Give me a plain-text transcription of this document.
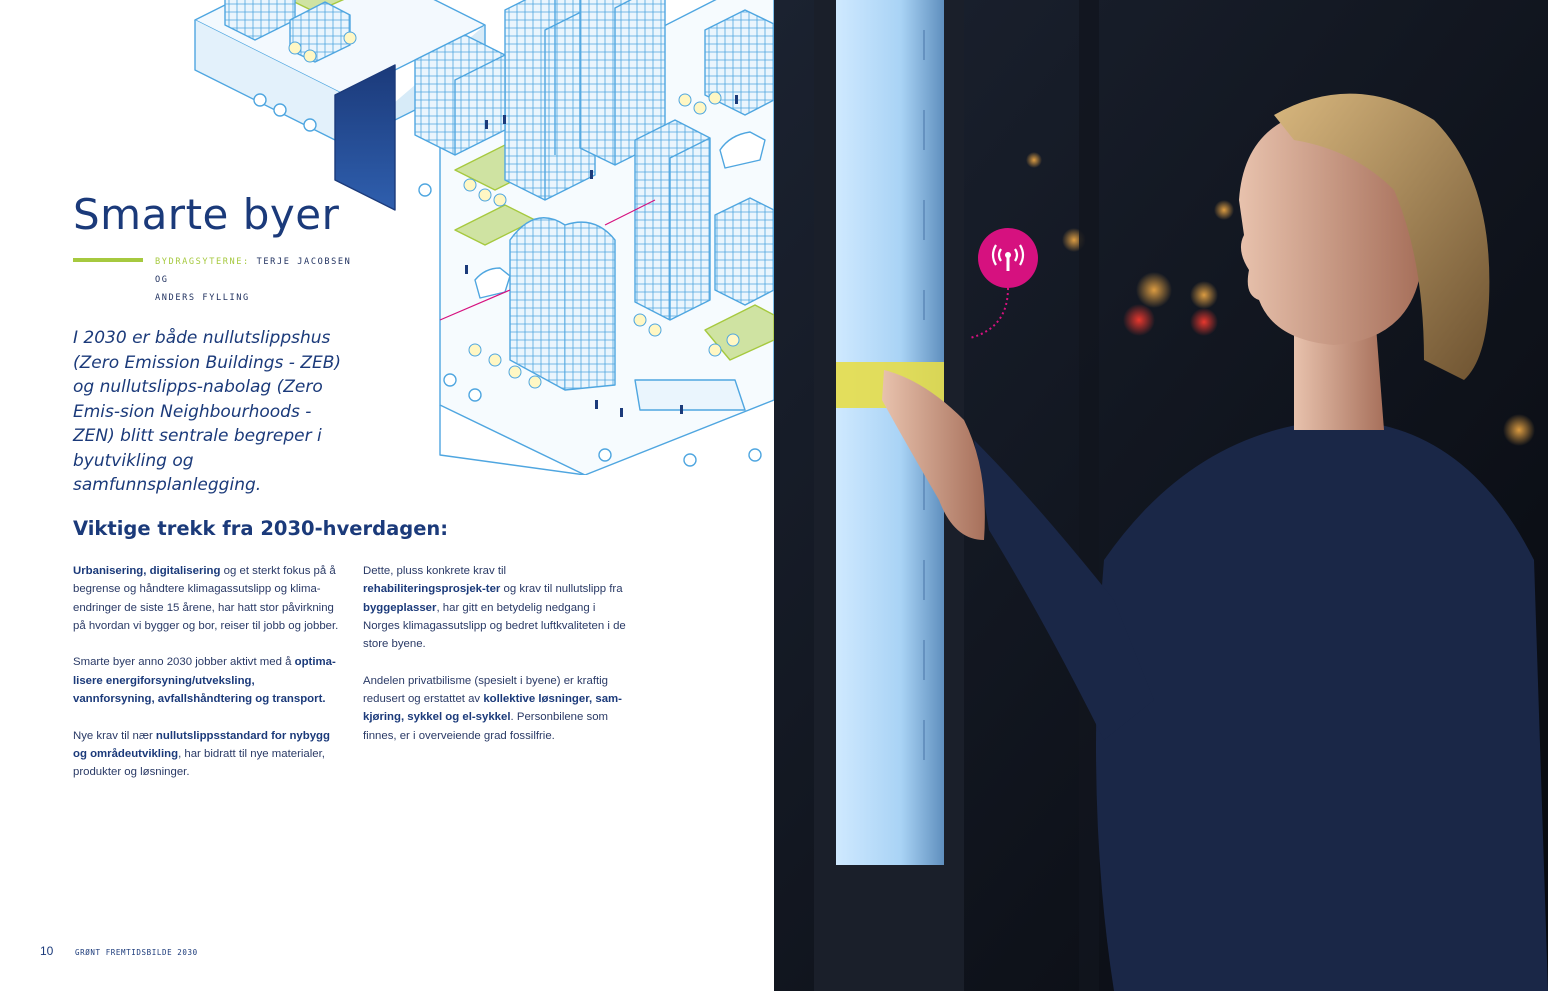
Smarte byer
BYDRAGSYTERNE: TERJE JACOBSEN OG
ANDERS FYLLING

I 2030 er både nullutslippshus (Zero Emission Buildings - ZEB) og nullutslipps-nabolag (Zero Emis-sion Neighbourhoods - ZEN) blitt sentrale begreper i byutvikling og samfunnsplanlegging.

Viktige trekk fra 2030-hverdagen:

Urbanisering, digitalisering og et sterkt fokus på å begrense og håndtere klimagassutslipp og klima-endringer de siste 15 årene, har hatt stor påvirkning på hvordan vi bygger og bor, reiser til jobb og jobber.

Smarte byer anno 2030 jobber aktivt med å optima-lisere energiforsyning/utveksling, vannforsyning, avfallshåndtering og transport.

Nye krav til nær nullutslippsstandard for nybygg og områdeutvikling, har bidratt til nye materialer, produkter og løsninger.

Dette, pluss konkrete krav til rehabiliteringsprosjek-ter og krav til nullutslipp fra byggeplasser, har gitt en betydelig nedgang i Norges klimagassutslipp og bedret luftkvaliteten i de store byene.

Andelen privatbilisme (spesielt i byene) er kraftig redusert og erstattet av kollektive løsninger, sam-kjøring, sykkel og el-sykkel. Personbilene som finnes, er i overveiende grad fossilfrie.

10	GRØNT FREMTIDSBILDE 2030
